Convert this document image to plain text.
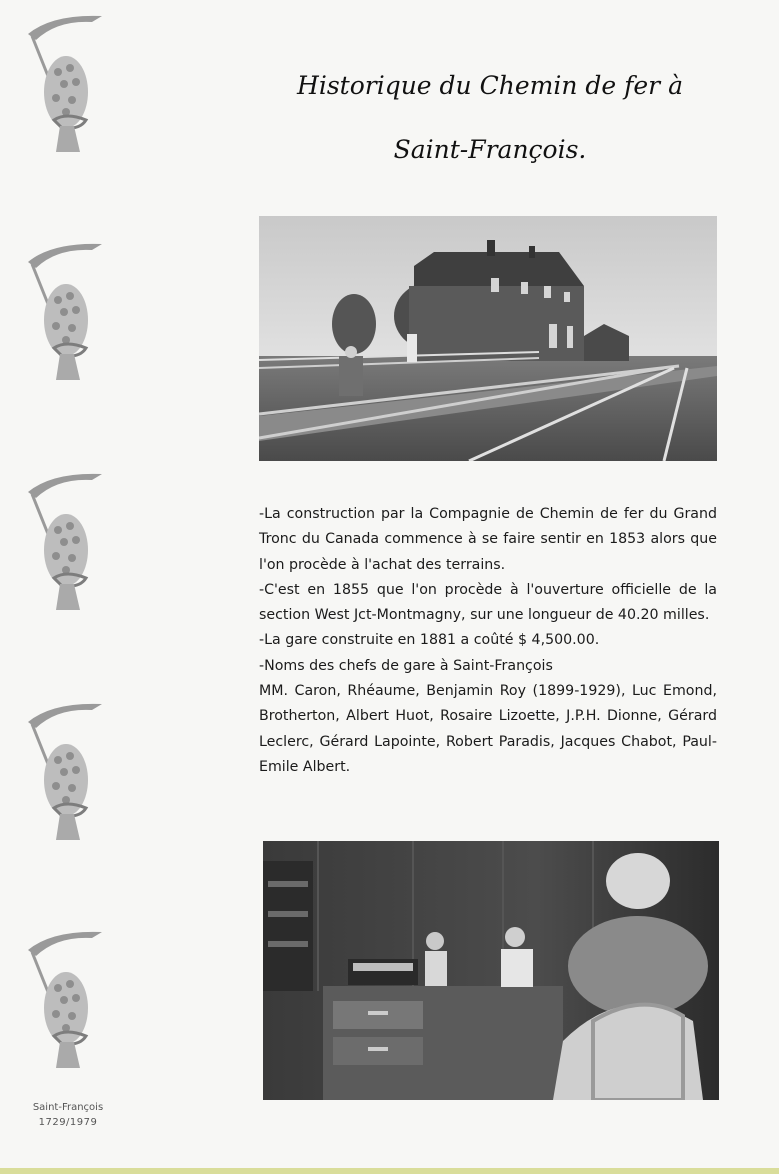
Saint-François
1729/1979
Historique du Chemin de fer à
Saint-François.

-La construction par la Compagnie de Chemin de fer du Grand Tronc du Canada commence à se faire sentir en 1853 alors que l'on procède à l'achat des terrains.

-C'est en 1855 que l'on procède à l'ouverture officielle de la section West Jct-Montmagny, sur une longueur de 40.20 milles.

-La gare construite en 1881 a coûté $ 4,500.00.

-Noms des chefs de gare à Saint-François

MM. Caron, Rhéaume, Benjamin Roy (1899-1929), Luc Emond, Brotherton, Albert Huot, Rosaire Lizoette, J.P.H. Dionne, Gérard Leclerc, Gérard Lapointe, Robert Paradis, Jacques Chabot, Paul-Emile Albert.
